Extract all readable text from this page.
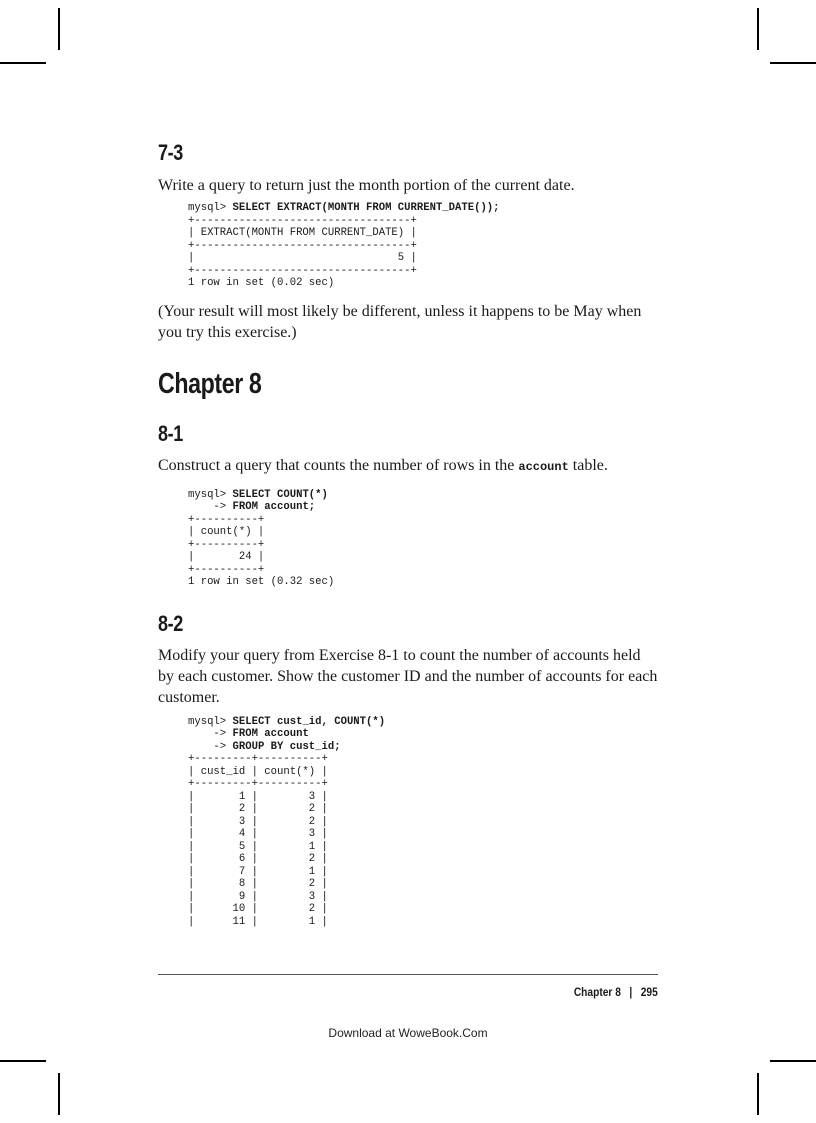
7-3

Write a query to return just the month portion of the current date.

mysql> SELECT EXTRACT(MONTH FROM CURRENT_DATE());
+----------------------------------+
| EXTRACT(MONTH FROM CURRENT_DATE) |
+----------------------------------+
|                                5 |
+----------------------------------+
1 row in set (0.02 sec)

(Your result will most likely be different, unless it happens to be May when you try this exercise.)

Chapter 8
8-1

Construct a query that counts the number of rows in the account table.

mysql> SELECT COUNT(*)
-> FROM account;
+----------+
| count(*) |
+----------+
|       24 |
+----------+
1 row in set (0.32 sec)
8-2

Modify your query from Exercise 8-1 to count the number of accounts held by each customer. Show the customer ID and the number of accounts for each customer.

mysql> SELECT cust_id, COUNT(*)
-> FROM account
-> GROUP BY cust_id;
+---------+----------+
| cust_id | count(*) |
+---------+----------+
|       1 |        3 |
|       2 |        2 |
|       3 |        2 |
|       4 |        3 |
|       5 |        1 |
|       6 |        2 |
|       7 |        1 |
|       8 |        2 |
|       9 |        3 |
|      10 |        2 |
|      11 |        1 |
Chapter 8 | 295
Download at WoweBook.Com
